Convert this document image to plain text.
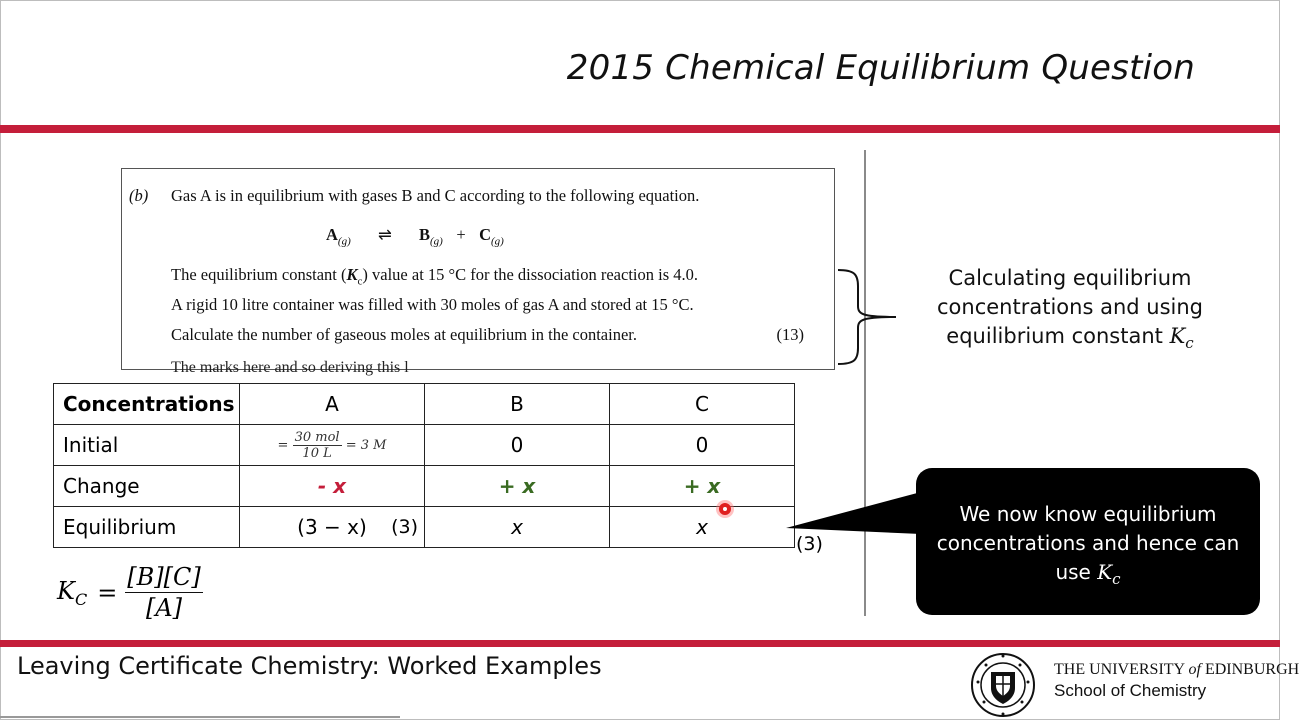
2015 Chemical Equilibrium Question
(b) Gas A is in equilibrium with gases B and C according to the following equation.
$A_{(g)}$ ⇌ $B_{(g)} + C_{(g)}$
The equilibrium constant $(K_c)$ value at 15 °C for the dissociation reaction is 4.0.
A rigid 10 litre container was filled with 30 moles of gas A and stored at 15 °C.
Calculate the number of gaseous moles at equilibrium in the container.	(13)
The marks here and so deriving this l
Calculating equilibrium concentrations and using equilibrium constant $K_c$
Concentrations	A	B	C
Initial	= $\frac{\text{30 mol}}{10 L} = 3$ M	0	0
Change	- x	+ x	+ x
Equilibrium	(3 − x) (3)	x	x
(3)
$K_C = \frac{[B][C]}{[A]}$
We now know equilibrium concentrations and hence can use $K_c$
Leaving Certificate Chemistry: Worked Examples	THE UNIVERSITY of EDINBURGH
School of Chemistry
